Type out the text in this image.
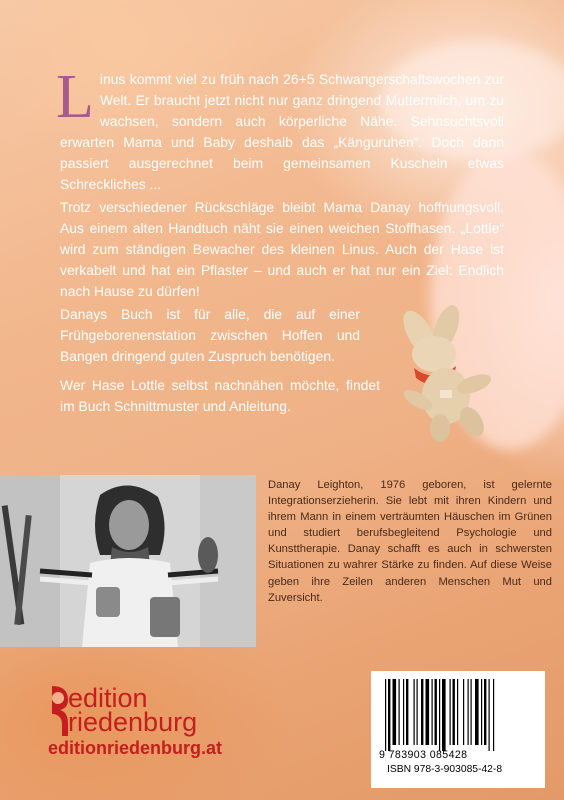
Linus kommt viel zu früh nach 26+5 Schwangerschaftswochen zur Welt. Er braucht jetzt nicht nur ganz dringend Muttermilch, um zu wachsen, sondern auch körperliche Nähe. Sehnsuchtsvoll erwarten Mama und Baby deshalb das „Känguruhen“. Doch dann passiert ausgerechnet beim gemeinsamen Kuscheln etwas Schreckliches ...

Trotz verschiedener Rückschläge bleibt Mama Danay hoffnungsvoll. Aus einem alten Handtuch näht sie einen weichen Stoffhasen. „Lottle“ wird zum ständigen Bewacher des kleinen Linus. Auch der Hase ist verkabelt und hat ein Pflaster – und auch er hat nur ein Ziel: Endlich nach Hause zu dürfen!

Danays Buch ist für alle, die auf einer Frühgeborenenstation zwischen Hoffen und Bangen dringend guten Zuspruch benötigen.

Wer Hase Lottle selbst nachnähen möchte, findet im Buch Schnittmuster und Anleitung.

Danay Leighton, 1976 geboren, ist gelernte Integrationserzieherin. Sie lebt mit ihren Kindern und ihrem Mann in einem verträumten Häuschen im Grünen und studiert berufsbegleitend Psychologie und Kunsttherapie. Danay schafft es auch in schwersten Situationen zu wahrer Stärke zu finden. Auf diese Weise geben ihre Zeilen anderen Menschen Mut und Zuversicht.
edition
riedenburg
editionriedenburg.at	9 783903 085428
ISBN 978-3-903085-42-8
